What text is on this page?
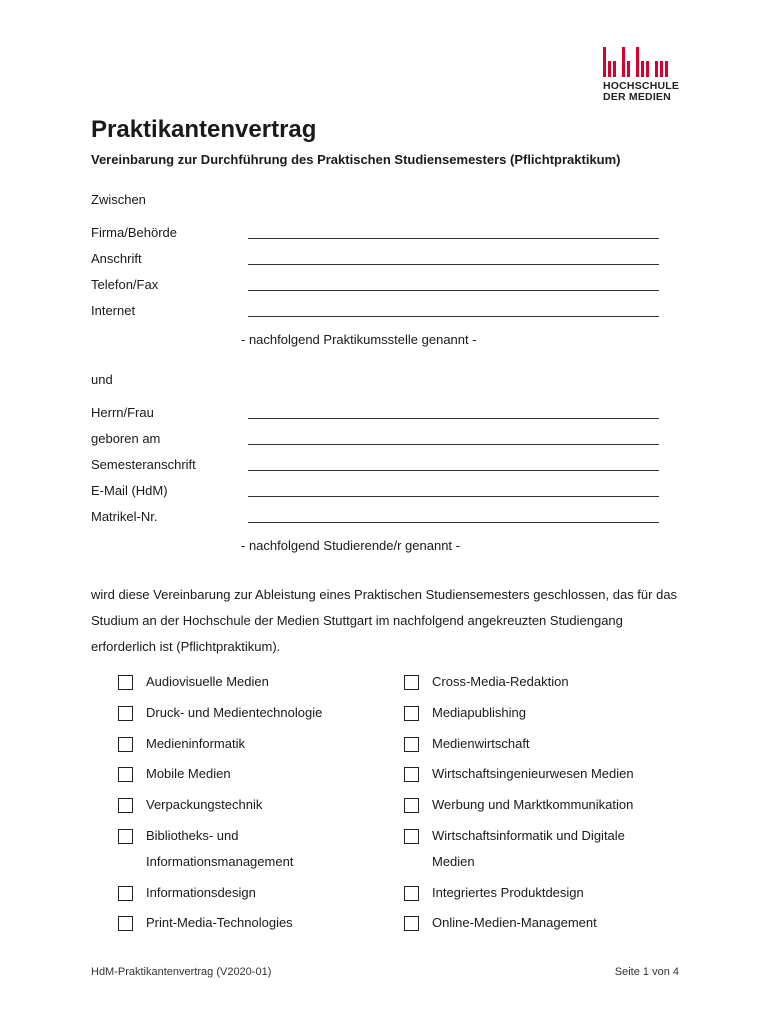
HOCHSCHULE
DER MEDIEN
Praktikantenvertrag

Vereinbarung zur Durchführung des Praktischen Studiensemesters (Pflichtpraktikum)

Zwischen
Firma/Behörde
Anschrift
Telefon/Fax
Internet
- nachfolgend Praktikumsstelle genannt -
und
Herrn/Frau
geboren am
Semesteranschrift
E-Mail (HdM)
Matrikel-Nr.
- nachfolgend Studierende/r genannt -

wird diese Vereinbarung zur Ableistung eines Praktischen Studiensemesters geschlossen, das für das Studium an der Hochschule der Medien Stuttgart im nachfolgend angekreuzten Studiengang erforderlich ist (Pflichtpraktikum).

Audiovisuelle Medien
Druck- und Medientechnologie
Medieninformatik
Mobile Medien
Verpackungstechnik
Bibliotheks- und Informationsmanagement
Informationsdesign
Print-Media-Technologies
Cross-Media-Redaktion
Mediapublishing
Medienwirtschaft
Wirtschaftsingenieurwesen Medien
Werbung und Marktkommunikation
Wirtschaftsinformatik und Digitale Medien
Integriertes Produktdesign
Online-Medien-Management
HdM-Praktikantenvertrag (V2020-01)	Seite 1 von 4
